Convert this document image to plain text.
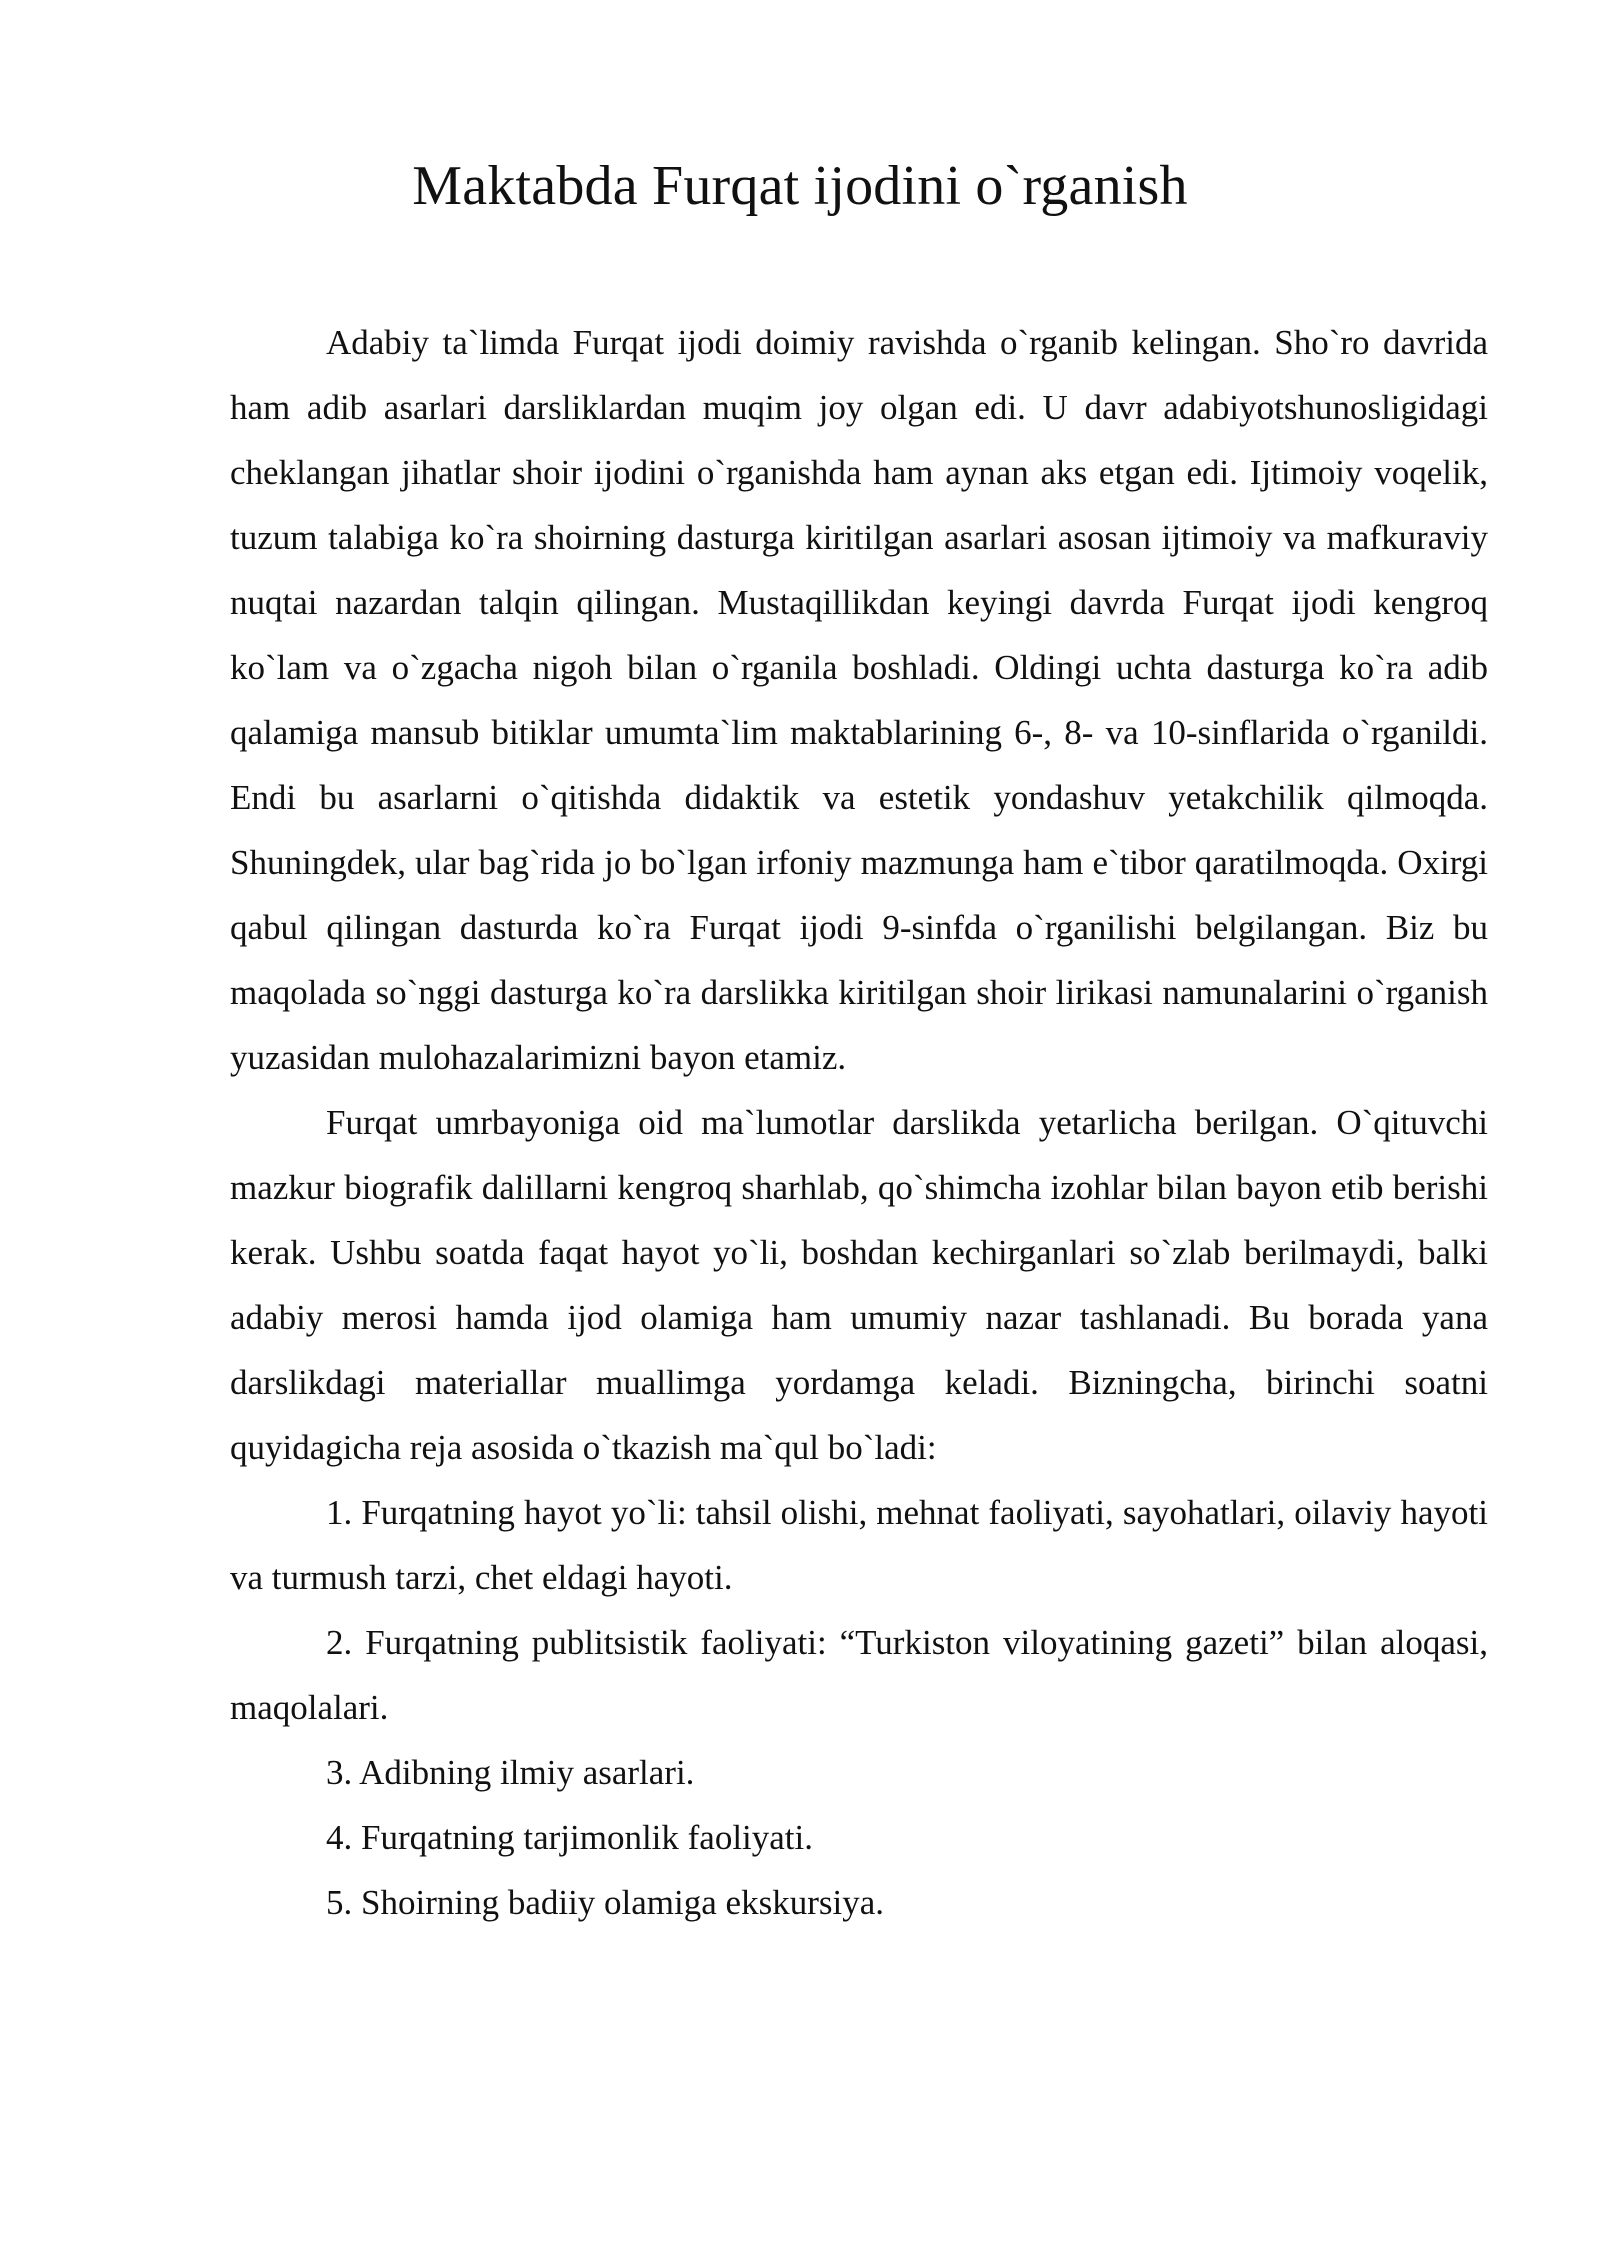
Maktabda Furqat ijodini o`rganish

Adabiy ta`limda Furqat ijodi doimiy ravishda o`rganib kelingan. Sho`ro davrida ham adib asarlari darsliklardan muqim joy olgan edi. U davr adabiyotshunosligidagi cheklangan jihatlar shoir ijodini o`rganishda ham aynan aks etgan edi. Ijtimoiy voqelik, tuzum talabiga ko`ra shoirning dasturga kiritilgan asarlari asosan ijtimoiy va mafkuraviy nuqtai nazardan talqin qilingan. Mustaqillikdan keyingi davrda Furqat ijodi kengroq ko`lam va o`zgacha nigoh bilan o`rganila boshladi. Oldingi uchta dasturga ko`ra adib qalamiga mansub bitiklar umumta`lim maktablarining 6-, 8- va 10-sinflarida o`rganildi. Endi bu asarlarni o`qitishda didaktik va estetik yondashuv yetakchilik qilmoqda. Shuningdek, ular bag`rida jo bo`lgan irfoniy mazmunga ham e`tibor qaratilmoqda. Oxirgi qabul qilingan dasturda ko`ra Furqat ijodi 9-sinfda o`rganilishi belgilangan. Biz bu maqolada so`nggi dasturga ko`ra darslikka kiritilgan shoir lirikasi namunalarini o`rganish yuzasidan mulohazalarimizni bayon etamiz.

Furqat umrbayoniga oid ma`lumotlar darslikda yetarlicha berilgan. O`qituvchi mazkur biografik dalillarni kengroq sharhlab, qo`shimcha izohlar bilan bayon etib berishi kerak. Ushbu soatda faqat hayot yo`li, boshdan kechirganlari so`zlab berilmaydi, balki adabiy merosi hamda ijod olamiga ham umumiy nazar tashlanadi. Bu borada yana darslikdagi materiallar muallimga yordamga keladi. Bizningcha, birinchi soatni quyidagicha reja asosida o`tkazish ma`qul bo`ladi:

1. Furqatning hayot yo`li: tahsil olishi, mehnat faoliyati, sayohatlari, oilaviy hayoti va turmush tarzi, chet eldagi hayoti.

2. Furqatning publitsistik faoliyati: “Turkiston viloyatining gazeti” bilan aloqasi, maqolalari.

3. Adibning ilmiy asarlari.

4. Furqatning tarjimonlik faoliyati.

5. Shoirning badiiy olamiga ekskursiya.
